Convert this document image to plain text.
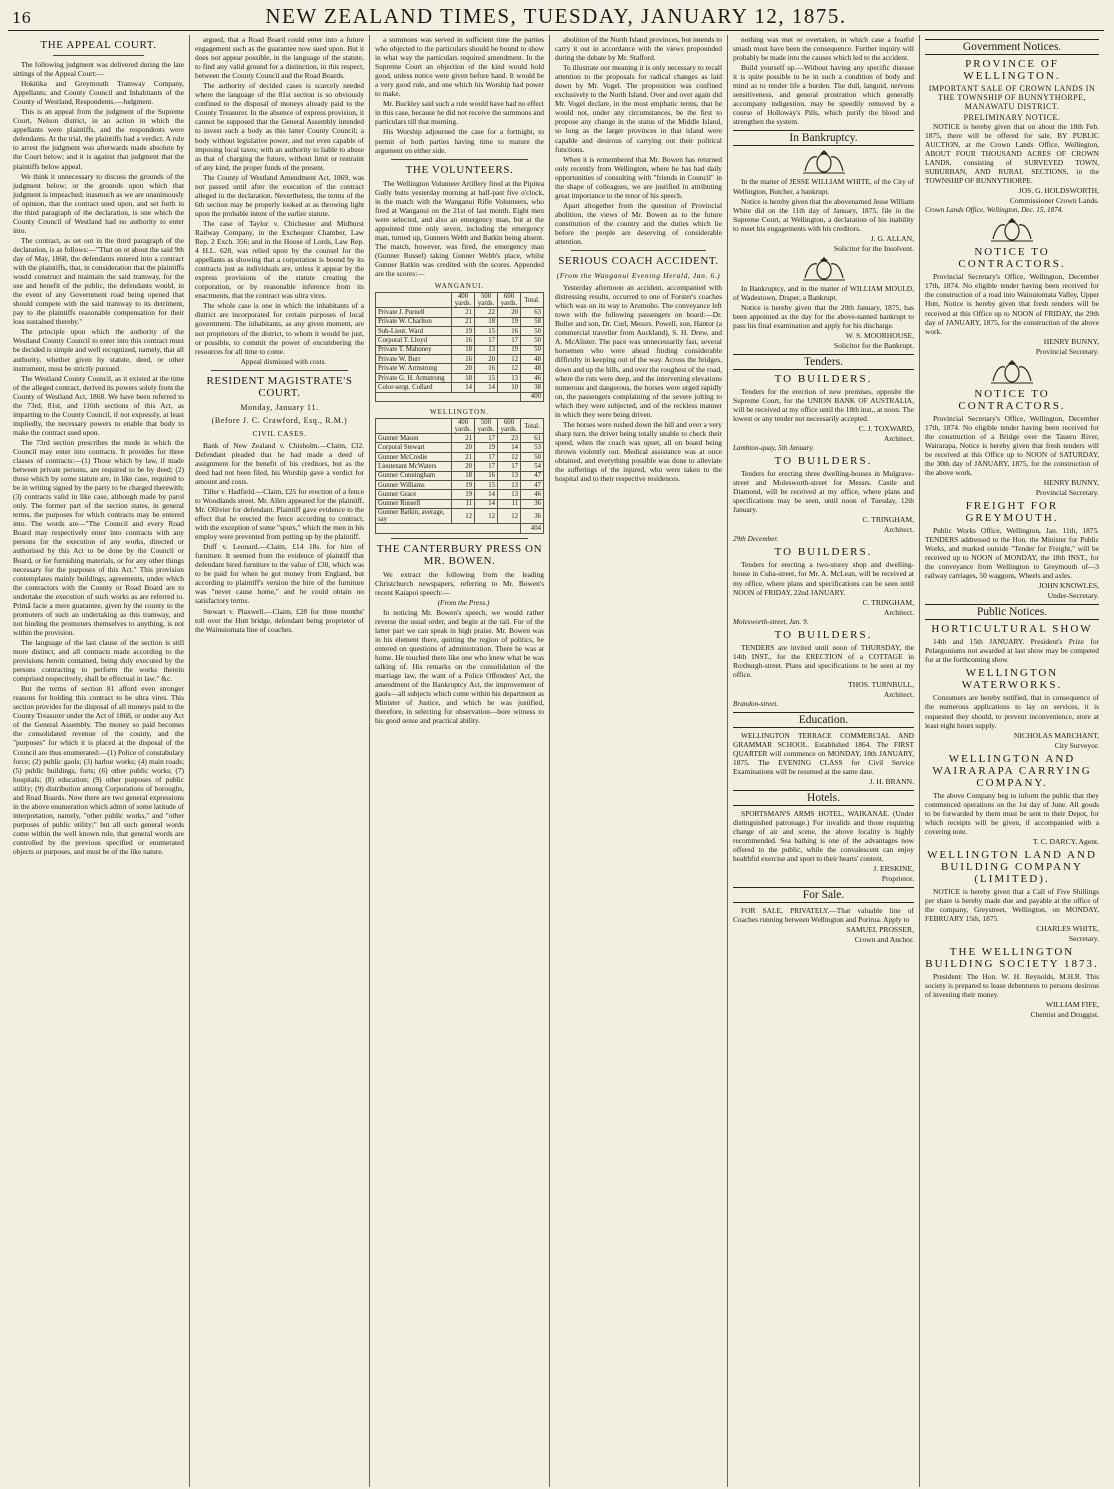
16	NEW ZEALAND TIMES, TUESDAY, JANUARY 12, 1875.
THE APPEAL COURT.

The following judgment was delivered during the late sittings of the Appeal Court:—

Hokitika and Greymouth Tramway Company, Appellants; and County Council and Inhabitants of the County of Westland, Respondents.—Judgment.

This is an appeal from the judgment of the Supreme Court, Nelson district, in an action in which the appellants were plaintiffs, and the respondents were defendants. At the trial, the plaintiffs had a verdict. A rule to arrest the judgment was afterwards made absolute by the Court below; and it is against that judgment that the plaintiffs below appeal.

We think it unnecessary to discuss the grounds of the judgment below; or the grounds upon which that judgment is impeached; inasmuch as we are unanimously of opinion, that the contract sued upon, and set forth in the third paragraph of the declaration, is one which the County Council of Westland had no authority to enter into.

The contract, as set out in the third paragraph of the declaration, is as follows:—"That on or about the said 9th day of May, 1868, the defendants entered into a contract with the plaintiffs, that, in consideration that the plaintiffs would construct and maintain the said tramway, for the use and benefit of the public, the defendants would, in the event of any Government road being opened that should compete with the said tramway to its detriment, pay to the plaintiffs reasonable compensation for their loss sustained thereby."

The principle upon which the authority of the Westland County Council to enter into this contract must be decided is simple and well recognized, namely, that all authority, whether given by statute, deed, or other instrument, must be strictly pursued.

The Westland County Council, as it existed at the time of the alleged contract, derived its powers solely from the County of Westland Act, 1868. We have been referred to the 73rd, 81st, and 116th sections of this Act, as imparting to the County Council, if not expressly, at least impliedly, the necessary powers to enable that body to make the contract sued upon.

The 73rd section prescribes the mode in which the Council may enter into contracts. It provides for three classes of contracts:—(1) Those which by law, if made between private persons, are required to be by deed; (2) those which by some statute are, in like case, required to be in writing signed by the party to be charged therewith; (3) contracts valid in like case, although made by parol only. The former part of the section states, in general terms, the purposes for which contracts may be entered into. The words are—"The Council and every Road Board may respectively enter into contracts with any persons for the execution of any works, directed or authorised by this Act to be done by the Council or Board, or for furnishing materials, or for any other things necessary for the purposes of this Act." This provision contemplates mainly buildings, agreements, under which the contractors with the County or Road Board are to undertake the execution of such works as are referred to. Primâ facie a mere guarantee, given by the county to the promoters of such an undertaking as this tramway, and not binding the promoters themselves to anything, is not within the provision.

The language of the last clause of the section is still more distinct, and all contracts made according to the provisions herein contained, being duly executed by the persons contracting to perform the works therein comprised respectively, shall be effectual in law." &c.

But the terms of section 81 afford even stronger reasons for holding this contract to be ultra vires. This section provides for the disposal of all moneys paid to the County Treasurer under the Act of 1868, or under any Act of the General Assembly. The money so paid becomes the consolidated revenue of the county, and the "purposes" for which it is placed at the disposal of the Council are thus enumerated:—(1) Police of constabulary force; (2) public gaols; (3) harbor works; (4) main roads; (5) public buildings, forts; (6) other public works; (7) hospitals; (8) education; (9) other purposes of public utility; (9) distribution among Corporations of boroughs, and Road Boards. Now there are two general expressions in the above enumeration which admit of some latitude of interpretation, namely, "other public works," and "other purposes of public utility;" but all such general words come within the well known rule, that general words are controlled by the previous specified or enumerated objects or purposes, and must be of the like nature.

argued, that a Road Board could enter into a future engagement such as the guarantee now sued upon. But it does not appear possible, in the language of the statute, to find any valid ground for a distinction, in this respect, between the County Council and the Road Boards.

The authority of decided cases is scarcely needed where the language of the 81st section is so obviously confined to the disposal of moneys already paid to the County Treasurer. In the absence of express provision, it cannot be supposed that the General Assembly intended to invest such a body as this latter County Council; a body without legislative power, and not even capable of imposing local taxes; with an authority to liable to abuse as that of charging the future, without limit or restraint of any kind, the proper funds of the present.

The County of Westland Amendment Act, 1869, was not passed until after the execution of the contract alleged in the declaration. Nevertheless, the terms of the 6th section may be properly looked at as throwing light upon the probable intent of the earlier statute.

The case of Taylor v. Chichester and Midhurst Railway Company, in the Exchequer Chamber, Law Rep. 2 Exch. 356; and in the House of Lords, Law Rep. 4 H.L. 628, was relied upon by the counsel for the appellants as showing that a corporation is bound by its contracts just as individuals are, unless it appear by the express provisions of the statute creating the corporation, or by reasonable inference from its enactments, that the contract was ultra vires.

The whole case is one in which the inhabitants of a district are incorporated for certain purposes of local government. The inhabitants, as any given moment, are not proprietors of the district, to whom it would be just, or possible, to commit the power of encumbering the resources for all time to come.

Appeal dismissed with costs.

RESIDENT MAGISTRATE'S COURT.
Monday, January 11.
(Before J. C. Crawford, Esq., R.M.)
CIVIL CASES.

Bank of New Zealand v. Chisholm.—Claim, £32. Defendant pleaded that he had made a deed of assignment for the benefit of his creditors, but as the deed had not been filed, his Worship gave a verdict for amount and costs.

Tiller v. Hadfield.—Claim, £25 for erection of a fence to Woodlands street. Mr. Allen appeared for the plaintiff, Mr. Ollivier for defendant. Plaintiff gave evidence to the effect that he erected the fence according to contract, with the exception of some "spurs," which the men in his employ were prevented from putting up by the plaintiff.

Duff v. Leonard.—Claim, £14 18s. for hire of furniture. It seemed from the evidence of plaintiff that defendant hired furniture to the value of £30, which was to be paid for when he got money from England, but according to plaintiff's version the hire of the furniture was "never cause home," and he could obtain no satisfactory terms.

Stewart v. Plaxwell.—Claim, £28 for three months' toll over the Hutt bridge, defendant being proprietor of the Wainuiomata line of coaches.

a summons was served in sufficient time the parties who objected to the particulars should be bound to show in what way the particulars required amendment. In the Supreme Court an objection of the kind would hold good, unless notice were given before hand. It would be a very good rule, and one which his Worship had power to make.

Mr. Buckley said such a rule would have had no effect in this case, because he did not receive the summons and particulars till that morning.

His Worship adjourned the case for a fortnight, to permit of both parties having time to mature the argument on either side.

THE VOLUNTEERS.

The Wellington Volunteer Artillery fired at the Pipitea Gully butts yesterday morning at half-past five o'clock, in the match with the Wanganui Rifle Volunteers, who fired at Wanganui on the 21st of last month. Eight men were selected, and also an emergency man, but at the appointed time only seven, including the emergency man, turned up, Gunners Webb and Batkin being absent. The match, however, was fired, the emergency man (Gunner Russel) taking Gunner Webb's place, whilst Gunner Batkin was credited with the scores. Appended are the scores:—

WANGANUI.
	400 yards.	500 yards.	600 yards.	Total.
Private J. Purnell	21	22	20	63
Private W. Charlton	21	18	19	58
Sub-Lieut. Ward	19	15	16	50
Corporal T. Lloyd	16	17	17	50
Private T. Mahoney	18	13	19	50
Private W. Burr	16	20	12	48
Private W. Armstrong	20	16	12	48
Private G. H. Armstrong	18	15	13	46
Color-sergt. Collard	14	14	10	38
				400
WELLINGTON.
	400 yards.	500 yards.	600 yards.	Total.
Gunner Mason	21	17	23	61
Corporal Stewart	20	19	14	53
Gunner McCredie	21	17	12	50
Lieutenant McWaters	20	17	17	54
Gunner Cunningham	18	16	13	47
Gunner Williams	19	15	13	47
Gunner Grace	19	14	13	46
Gunner Russell	11	14	11	36
Gunner Batkin, average, say	12	12	12	36
				404
THE CANTERBURY PRESS ON MR. BOWEN.

We extract the following from the leading Christchurch newspapers, referring to Mr. Bowen's recent Kaiapoi speech:—

(From the Press.)

In noticing Mr. Bowen's speech, we would rather reverse the usual order, and begin at the tail. For of the latter part we can speak in high praise. Mr. Bowen was in his element there, quitting the region of politics, he entered on questions of administration. There he was at home. He touched there like one who knew what he was talking of. His remarks on the consolidation of the marriage law, the want of a Police Offenders' Act, the amendment of the Bankruptcy Act, the improvement of gaols—all subjects which come within his department as Minister of Justice, and which he was justified, therefore, in selecting for observation—bore witness to his good sense and practical ability.

abolition of the North Island provinces, but intends to carry it out in accordance with the views propounded during the debate by Mr. Stafford.

To illustrate our meaning it is only necessary to recall attention to the proposals for radical changes as laid down by Mr. Vogel. The proposition was confined exclusively to the North Island. Over and over again did Mr. Vogel declare, in the most emphatic terms, that he would not, under any circumstances, be the first to propose any change in the status of the Middle Island, so long as the larger provinces in that island were capable and desirous of carrying out their political functions.

When it is remembered that Mr. Bowen has returned only recently from Wellington, where he has had daily opportunities of consulting with "friends in Council" in the shape of colleagues, we are justified in attributing great importance to the tenor of his speech.

Apart altogether from the question of Provincial abolition, the views of Mr. Bowen as to the future constitution of the country and the duties which lie before the people are deserving of considerable attention.

SERIOUS COACH ACCIDENT.
(From the Wanganui Evening Herald, Jan. 6.)

Yesterday afternoon an accident, accompanied with distressing results, occurred to one of Forster's coaches which was on its way to Arumoho. The conveyance left town with the following passengers on board:—Dr. Buller and son, Dr. Curl, Messrs. Powell, son, Hantor (a commercial traveller from Auckland), S. H. Drew, and A. McAlister. The pace was unnecessarily fast, several horsemen who were ahead finding considerable difficulty in keeping out of the way. Across the bridges, down and up the hills, and over the roughest of the road, where the ruts were deep, and the intervening elevations numerous and dangerous, the horses were urged rapidly on, the passengers complaining of the severe jolting to which they were subjected, and of the reckless manner in which they were being driven.

The horses were rushed down the hill and over a very sharp turn, the driver being totally unable to check their speed, when the coach was upset, all on board being thrown violently out. Medical assistance was at once obtained, and everything possible was done to alleviate the sufferings of the injured, who were taken to the hospital and to their respective residences.

nothing was met or overtaken, in which case a fearful smash must have been the consequence. Further inquiry will probably be made into the causes which led to the accident.

Build yourself up.—Without having any specific disease it is quite possible to be in such a condition of body and mind as to render life a burden. The dull, languid, nervous sensitiveness, and general prostration which generally accompany indigestion, may be speedily removed by a course of Holloway's Pills, which purify the blood and strengthen the system.

In Bankruptcy.

In the matter of JESSE WILLIAM WHITE, of the City of Wellington, Butcher, a bankrupt.

Notice is hereby given that the abovenamed Jesse William White did on the 11th day of January, 1875, file in the Supreme Court, at Wellington, a declaration of his inability to meet his engagements with his creditors.

J. G. ALLAN,
Solicitor for the Insolvent.

In Bankruptcy, and in the matter of WILLIAM MOULD, of Wadestown, Draper, a Bankrupt.

Notice is hereby given that the 20th January, 1875, has been appointed as the day for the above-named bankrupt to pass his final examination and apply for his discharge.

W. S. MOORHOUSE,
Solicitor for the Bankrupt.
Tenders.
TO BUILDERS.

Tenders for the erection of new premises, opposite the Supreme Court, for the UNION BANK OF AUSTRALIA, will be received at my office until the 18th inst., at noon. The lowest or any tender not necessarily accepted.

C. J. TOXWARD,
Architect.
Lambton-quay, 5th January.
TO BUILDERS.

Tenders for erecting three dwelling-houses in Mulgrave-street and Molesworth-street for Messrs. Castle and Diamond, will be received at my office, where plans and specifications may be seen, until noon of Tuesday, 12th January.

C. TRINGHAM,
Architect.
29th December.
TO BUILDERS.

Tenders for erecting a two-storey shop and dwelling-house in Cuba-street, for Mr. A. McLean, will be received at my office, where plans and specifications can be seen until NOON of FRIDAY, 22nd JANUARY.

C. TRINGHAM,
Architect.
Molesworth-street, Jan. 9.
TO BUILDERS.

TENDERS are invited until noon of THURSDAY, the 14th INST., for the ERECTION of a COTTAGE in Roxburgh-street. Plans and specifications to be seen at my office.

THOS. TURNBULL,
Architect.
Brandon-street.
Education.

WELLINGTON TERRACE COMMERCIAL AND GRAMMAR SCHOOL. Established 1864. The FIRST QUARTER will commence on MONDAY, 18th JANUARY, 1875. The EVENING CLASS for Civil Service Examinations will be resumed at the same date.

J. H. BRANN.
Hotels.

SPORTSMAN'S ARMS HOTEL, WAIKANAE. (Under distinguished patronage.) For invalids and those requiring change of air and scene, the above locality is highly recommended. Sea bathing is one of the advantages now offered to the public, while the convalescent can enjoy healthful exercise and sport to their hearts' content.

J. ERSKINE,
Proprietor.
For Sale.

FOR SALE, PRIVATELY.—That valuable line of Coaches running between Wellington and Porirua. Apply to

SAMUEL PROSSER,
Crown and Anchor.
Government Notices.
PROVINCE OF WELLINGTON.
IMPORTANT SALE OF CROWN LANDS IN THE TOWNSHIP OF BUNNYTHORPE, MANAWATU DISTRICT.
PRELIMINARY NOTICE.

NOTICE is hereby given that on about the 18th Feb. 1875, there will be offered for sale, BY PUBLIC AUCTION, at the Crown Lands Office, Wellington, ABOUT FOUR THOUSAND ACRES OF CROWN LANDS, consisting of SURVEYED TOWN, SUBURBAN, AND RURAL SECTIONS, in the TOWNSHIP OF BUNNYTHORPE.

JOS. G. HOLDSWORTH,
Commissioner Crown Lands.
Crown Lands Office, Wellington, Dec. 15, 1874.
NOTICE TO CONTRACTORS.

Provincial Secretary's Office, Wellington, December 17th, 1874. No eligible tender having been received for the construction of a road into Wainuiomata Valley, Upper Hutt, Notice is hereby given that fresh tenders will be received at this Office up to NOON of FRIDAY, the 29th day of JANUARY, 1875, for the construction of the above work.

HENRY BUNNY,
Provincial Secretary.
NOTICE TO CONTRACTORS.

Provincial Secretary's Office, Wellington, December 17th, 1874. No eligible tender having been received for the construction of a Bridge over the Taueru River, Wairarapa, Notice is hereby given that fresh tenders will be received at this Office up to NOON of SATURDAY, the 30th day of JANUARY, 1875, for the construction of the above work.

HENRY BUNNY,
Provincial Secretary.
FREIGHT FOR GREYMOUTH.

Public Works Office, Wellington, Jan. 11th, 1875. TENDERS addressed to the Hon. the Minister for Public Works, and marked outside "Tender for Freight," will be received up to NOON of MONDAY, the 18th INST., for the conveyance from Wellington to Greymouth of—3 railway carriages, 50 waggons, Wheels and axles.

JOHN KNOWLES,
Under-Secretary.
Public Notices.
HORTICULTURAL SHOW

14th and 15th JANUARY. President's Prize for Pelargoniums not awarded at last show may be competed for at the forthcoming show.

WELLINGTON WATERWORKS.

Consumers are hereby notified, that in consequence of the numerous applications to lay on services, it is requested they should, to prevent inconvenience, store at least eight hours supply.

NICHOLAS MARCHANT,
City Surveyor.
WELLINGTON AND WAIRARAPA CARRYING COMPANY.

The above Company beg to inform the public that they commenced operations on the 1st day of June. All goods to be forwarded by them must be sent to their Depot, for which receipts will be given, if accompanied with a covering note.

T. C. DARCY, Agent.
WELLINGTON LAND AND BUILDING COMPANY (LIMITED).

NOTICE is hereby given that a Call of Five Shillings per share is hereby made due and payable at the office of the company, Greystreet, Wellington, on MONDAY, FEBRUARY 15th, 1875.

CHARLES WHITE,
Secretary.
THE WELLINGTON BUILDING SOCIETY 1873.

President: The Hon. W. H. Reynolds, M.H.R. This society is prepared to lease debentures to persons desirous of investing their money.

WILLIAM FIFE,
Chemist and Druggist.
